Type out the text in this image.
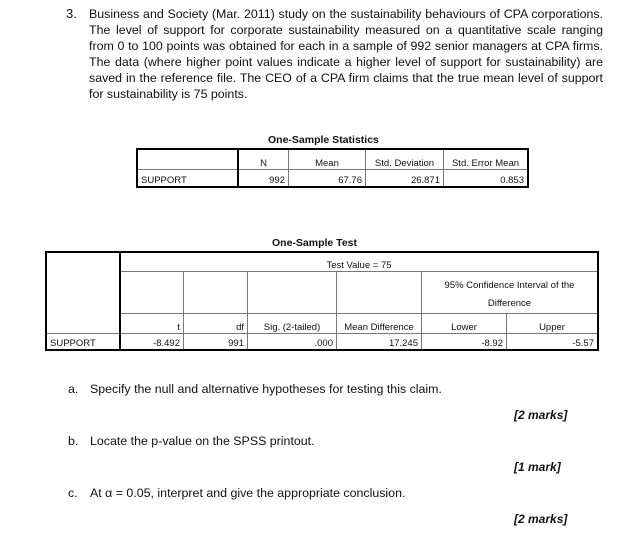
3. Business and Society (Mar. 2011) study on the sustainability behaviours of CPA corporations. The level of support for corporate sustainability measured on a quantitative scale ranging from 0 to 100 points was obtained for each in a sample of 992 senior managers at CPA firms. The data (where higher point values indicate a higher level of support for sustainability) are saved in the reference file. The CEO of a CPA firm claims that the true mean level of support for sustainability is 75 points.
One-Sample Statistics
	N	Mean	Std. Deviation	Std. Error Mean
SUPPORT	992	67.76	26.871	0.853
One-Sample Test
	Test Value = 75					
					95% Confidence Interval of the Difference	
	t	df	Sig. (2-tailed)	Mean Difference	Lower	Upper
SUPPORT	-8.492	991	.000	17.245	-8.92	-5.57
a. Specify the null and alternative hypotheses for testing this claim.
[2 marks]
b. Locate the p-value on the SPSS printout.
[1 mark]
c. At α = 0.05, interpret and give the appropriate conclusion.
[2 marks]
